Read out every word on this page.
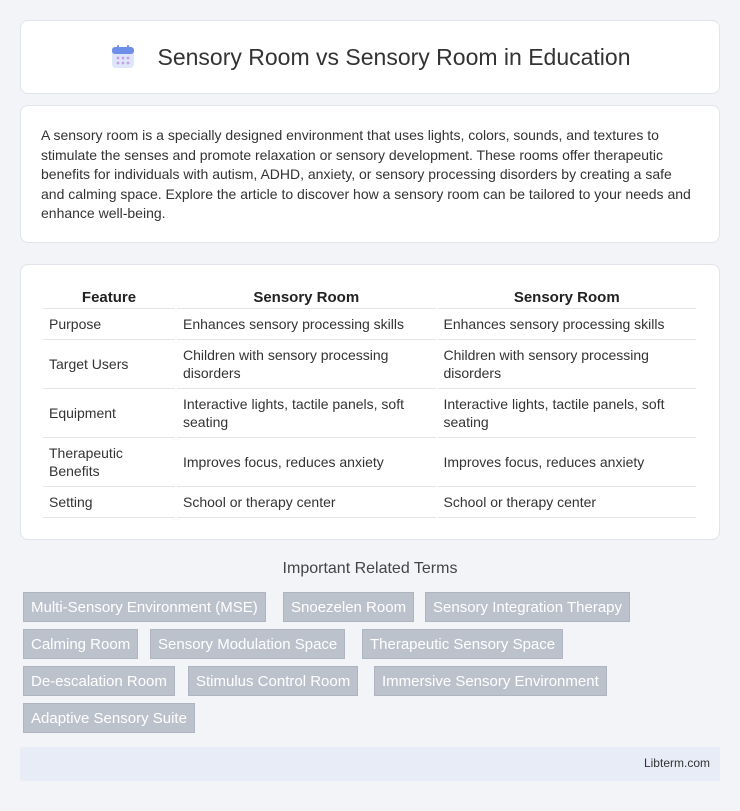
Sensory Room vs Sensory Room in Education

A sensory room is a specially designed environment that uses lights, colors, sounds, and textures to stimulate the senses and promote relaxation or sensory development. These rooms offer therapeutic benefits for individuals with autism, ADHD, anxiety, or sensory processing disorders by creating a safe and calming space. Explore the article to discover how a sensory room can be tailored to your needs and enhance well-being.

Feature	Sensory Room	Sensory Room
Purpose	Enhances sensory processing skills	Enhances sensory processing skills
Target Users	Children with sensory processing disorders	Children with sensory processing disorders
Equipment	Interactive lights, tactile panels, soft seating	Interactive lights, tactile panels, soft seating
Therapeutic Benefits	Improves focus, reduces anxiety	Improves focus, reduces anxiety
Setting	School or therapy center	School or therapy center
Important Related Terms
Multi-Sensory Environment (MSE)	Snoezelen Room	Sensory Integration Therapy
Calming Room	Sensory Modulation Space	Therapeutic Sensory Space
De-escalation Room	Stimulus Control Room	Immersive Sensory Environment
Adaptive Sensory Suite
Libterm.com
